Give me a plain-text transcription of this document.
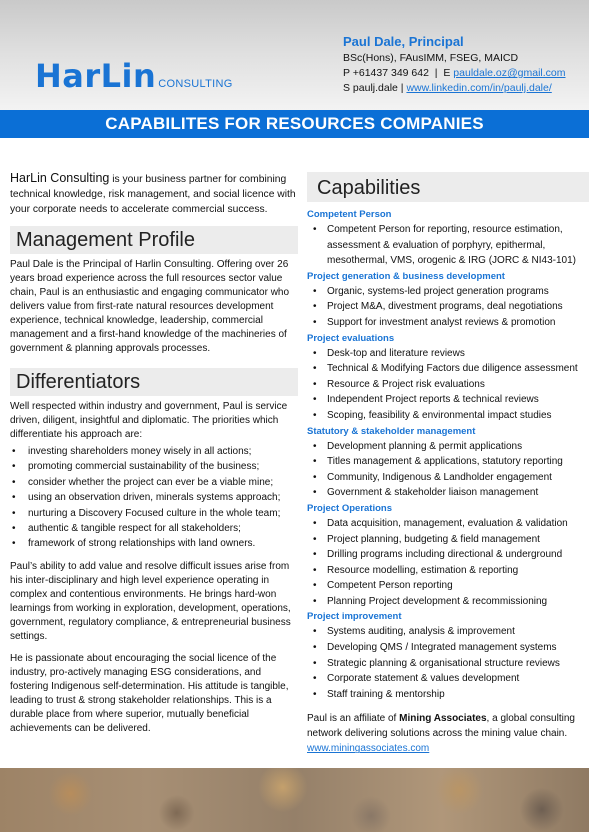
HarLin CONSULTING
Paul Dale, Principal
BSc(Hons), FAusIMM, FSEG, MAICD
P +61437 349 642 | E pauldale.oz@gmail.com
S paulj.dale | www.linkedin.com/in/paulj.dale/
CAPABILITES FOR RESOURCES COMPANIES

HarLin Consulting is your business partner for combining technical knowledge, risk management, and social licence with your corporate needs to accelerate commercial success.

Management Profile

Paul Dale is the Principal of Harlin Consulting. Offering over 26 years broad experience across the full resources sector value chain, Paul is an enthusiastic and engaging communicator who delivers value from first-rate natural resources development experience, technical knowledge, leadership, commercial management and a first-hand knowledge of the machineries of government & planning approvals processes.

Differentiators

Well respected within industry and government, Paul is service driven, diligent, insightful and diplomatic. The priorities which differentiate his approach are:

• investing shareholders money wisely in all actions;
• promoting commercial sustainability of the business;
• consider whether the project can ever be a viable mine;
• using an observation driven, minerals systems approach;
• nurturing a Discovery Focused culture in the whole team;
• authentic & tangible respect for all stakeholders;
• framework of strong relationships with land owners.

Paul’s ability to add value and resolve difficult issues arise from his inter-disciplinary and high level experience operating in complex and contentious environments. He brings hard-won learnings from working in exploration, development, operations, government, regulatory compliance, & entrepreneurial business settings.

He is passionate about encouraging the social licence of the industry, pro-actively managing ESG considerations, and fostering Indigenous self-determination. His attitude is tangible, leading to trust & strong stakeholder relationships. This is a durable place from where superior, mutually beneficial achievements can be delivered.

Capabilities
Competent Person
• Competent Person for reporting, resource estimation, assessment & evaluation of porphyry, epithermal, mesothermal, VMS, orogenic & IRG (JORC & NI43-101)
Project generation & business development
• Organic, systems-led project generation programs
• Project M&A, divestment programs, deal negotiations
• Support for investment analyst reviews & promotion
Project evaluations
• Desk-top and literature reviews
• Technical & Modifying Factors due diligence assessment
• Resource & Project risk evaluations
• Independent Project reports & technical reviews
• Scoping, feasibility & environmental impact studies
Statutory & stakeholder management
• Development planning & permit applications
• Titles management & applications, statutory reporting
• Community, Indigenous & Landholder engagement
• Government & stakeholder liaison management
Project Operations
• Data acquisition, management, evaluation & validation
• Project planning, budgeting & field management
• Drilling programs including directional & underground
• Resource modelling, estimation & reporting
• Competent Person reporting
• Planning Project development & recommissioning
Project improvement
• Systems auditing, analysis & improvement
• Developing QMS / Integrated management systems
• Strategic planning & organisational structure reviews
• Corporate statement & values development
• Staff training & mentorship

Paul is an affiliate of Mining Associates, a global consulting network delivering solutions across the mining value chain.
www.miningassociates.com
